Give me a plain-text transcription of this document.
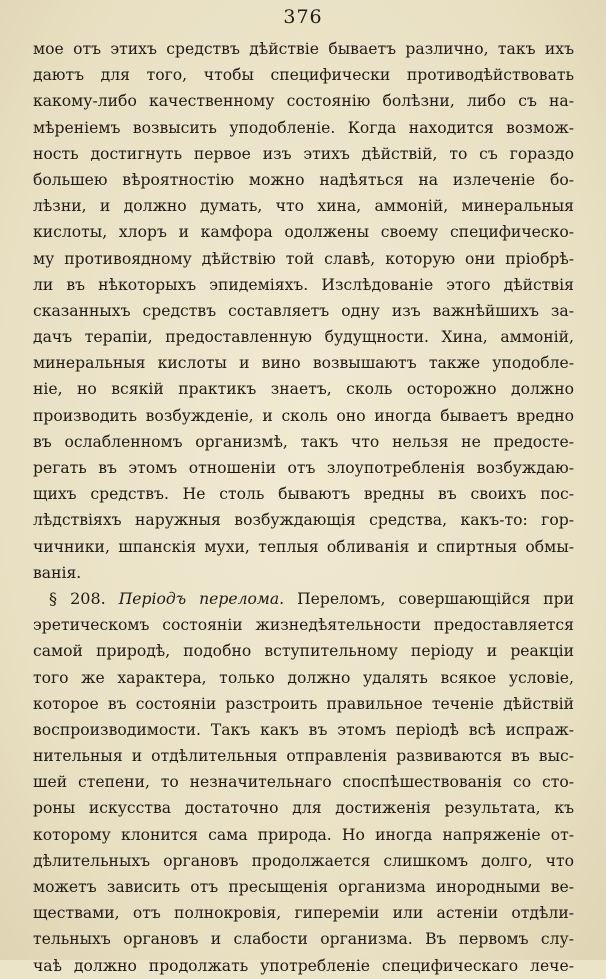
376
мое отъ этихъ средствъ дѣйствіе бываетъ различно, такъ ихъ
даютъ для того, чтобы специфически противодѣйствовать
какому-либо качественному состоянію болѣзни, либо съ на-
мѣреніемъ возвысить уподобленіе. Когда находится возмож-
ность достигнуть первое изъ этихъ дѣйствій, то съ гораздо
большею вѣроятностію можно надѣяться на излеченіе бо-
лѣзни, и должно думать, что хина, аммоній, минеральныя
кислоты, хлоръ и камфора одолжены своему специфическо-
му противоядному дѣйствію той славѣ, которую они пріобрѣ-
ли въ нѣкоторыхъ эпидеміяхъ. Изслѣдованіе этого дѣйствія
сказанныхъ средствъ составляетъ одну изъ важнѣйшихъ за-
дачъ терапіи, предоставленную будущности. Хина, аммоній,
минеральныя кислоты и вино возвышаютъ также уподобле-
ніе, но всякій практикъ знаетъ, сколь осторожно должно
производить возбужденіе, и сколь оно иногда бываетъ вредно
въ ослабленномъ организмѣ, такъ что нельзя не предосте-
регать въ этомъ отношеніи отъ злоупотребленія возбуждаю-
щихъ средствъ. Не столь бываютъ вредны въ своихъ пос-
лѣдствіяхъ наружныя возбуждающія средства, какъ-то: гор-
чичники, шпанскія мухи, теплыя обливанія и спиртныя обмы-
ванія.
§ 208. Періодъ перелома. Переломъ, совершающійся при
эретическомъ состояніи жизнедѣятельности предоставляется
самой природѣ, подобно вступительному періоду и реакціи
того же характера, только должно удалять всякое условіе,
которое въ состояніи разстроить правильное теченіе дѣйствій
воспроизводимости. Такъ какъ въ этомъ періодѣ всѣ испраж-
нительныя и отдѣлительныя отправленія развиваются въ выс-
шей степени, то незначительнаго споспѣшествованія со сто-
роны искусства достаточно для достиженія результата, къ
которому клонится сама природа. Но иногда напряженіе от-
дѣлительныхъ органовъ продолжается слишкомъ долго, что
можетъ зависить отъ пресыщенія организма инородными ве-
ществами, отъ полнокровія, гипереміи или астеніи отдѣли-
тельныхъ органовъ и слабости организма. Въ первомъ слу-
чаѣ должно продолжать употребленіе специфическаго лече-
